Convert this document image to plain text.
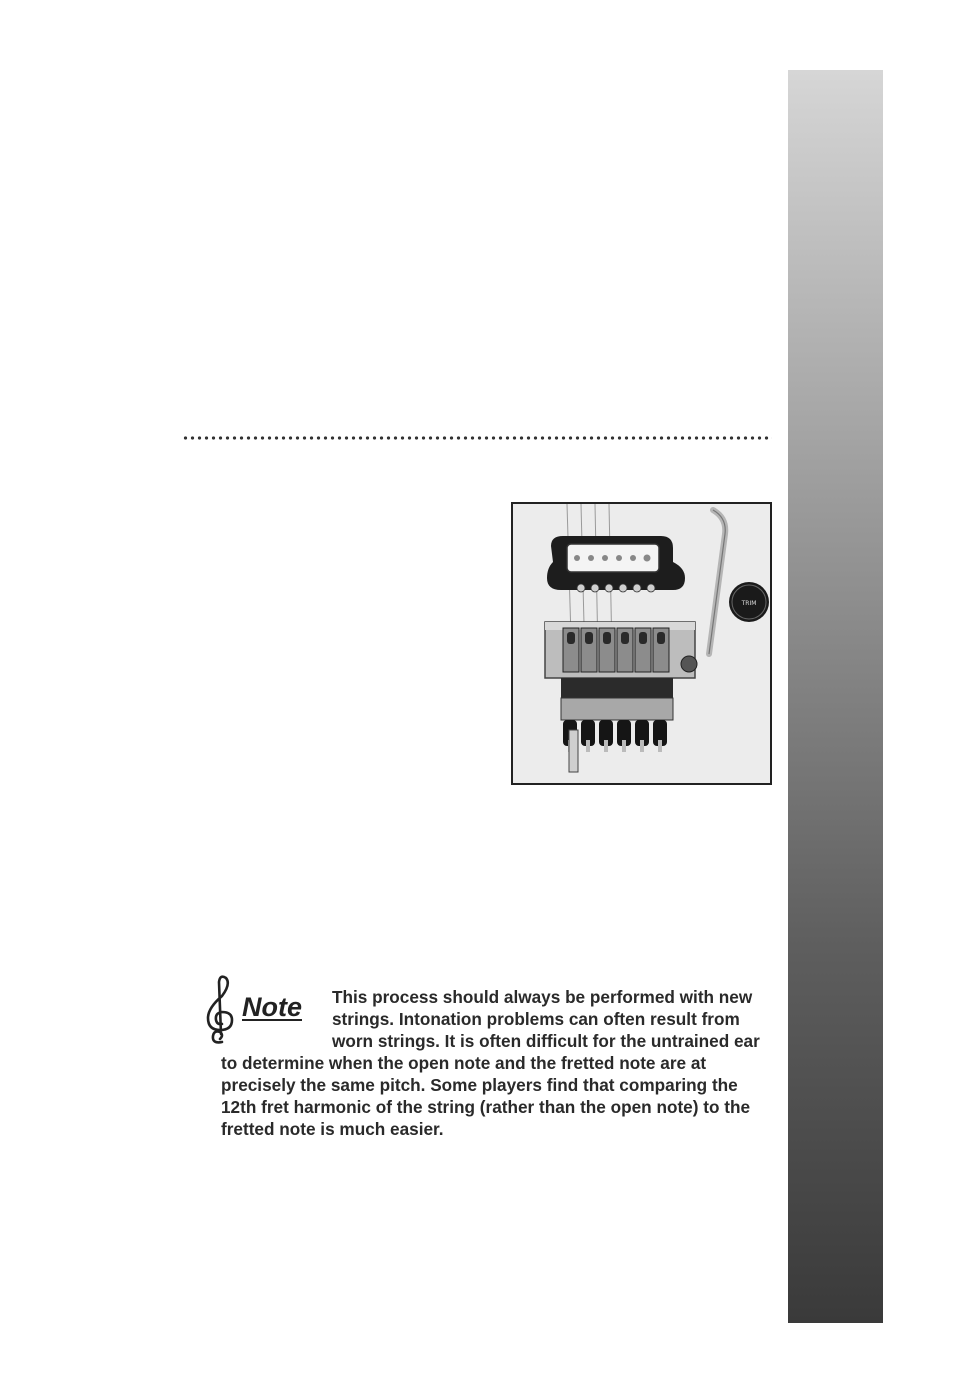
TRIM
Note	This process should always be performed with new strings. Intonation problems can often result from worn strings. It is often difficult for the untrained ear to determine when the open note and the fretted note are at precisely the same pitch. Some players find that comparing the 12th fret harmonic of the string (rather than the open note) to the fretted note is much easier.
